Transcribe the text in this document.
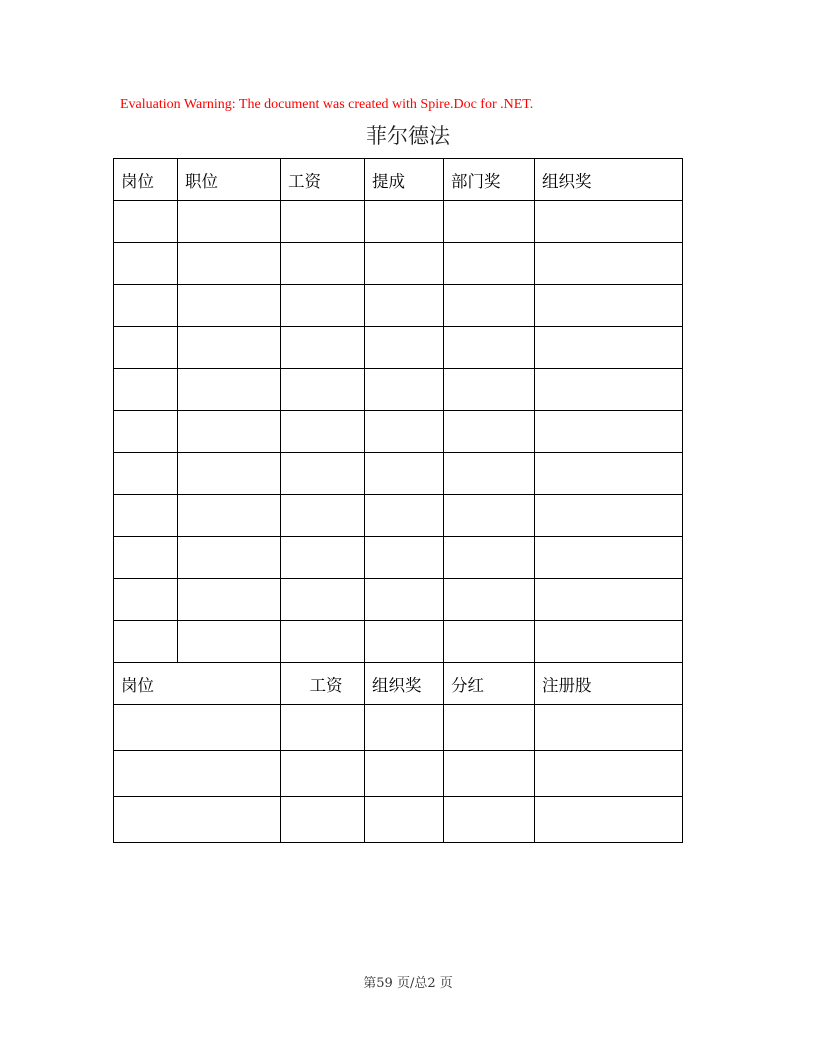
Evaluation Warning: The document was created with Spire.Doc for .NET.
菲尔德法
岗位	职位	工资	提成	部门奖	组织奖

岗位		工资	组织奖	分红	注册股

第59 页/总2 页
